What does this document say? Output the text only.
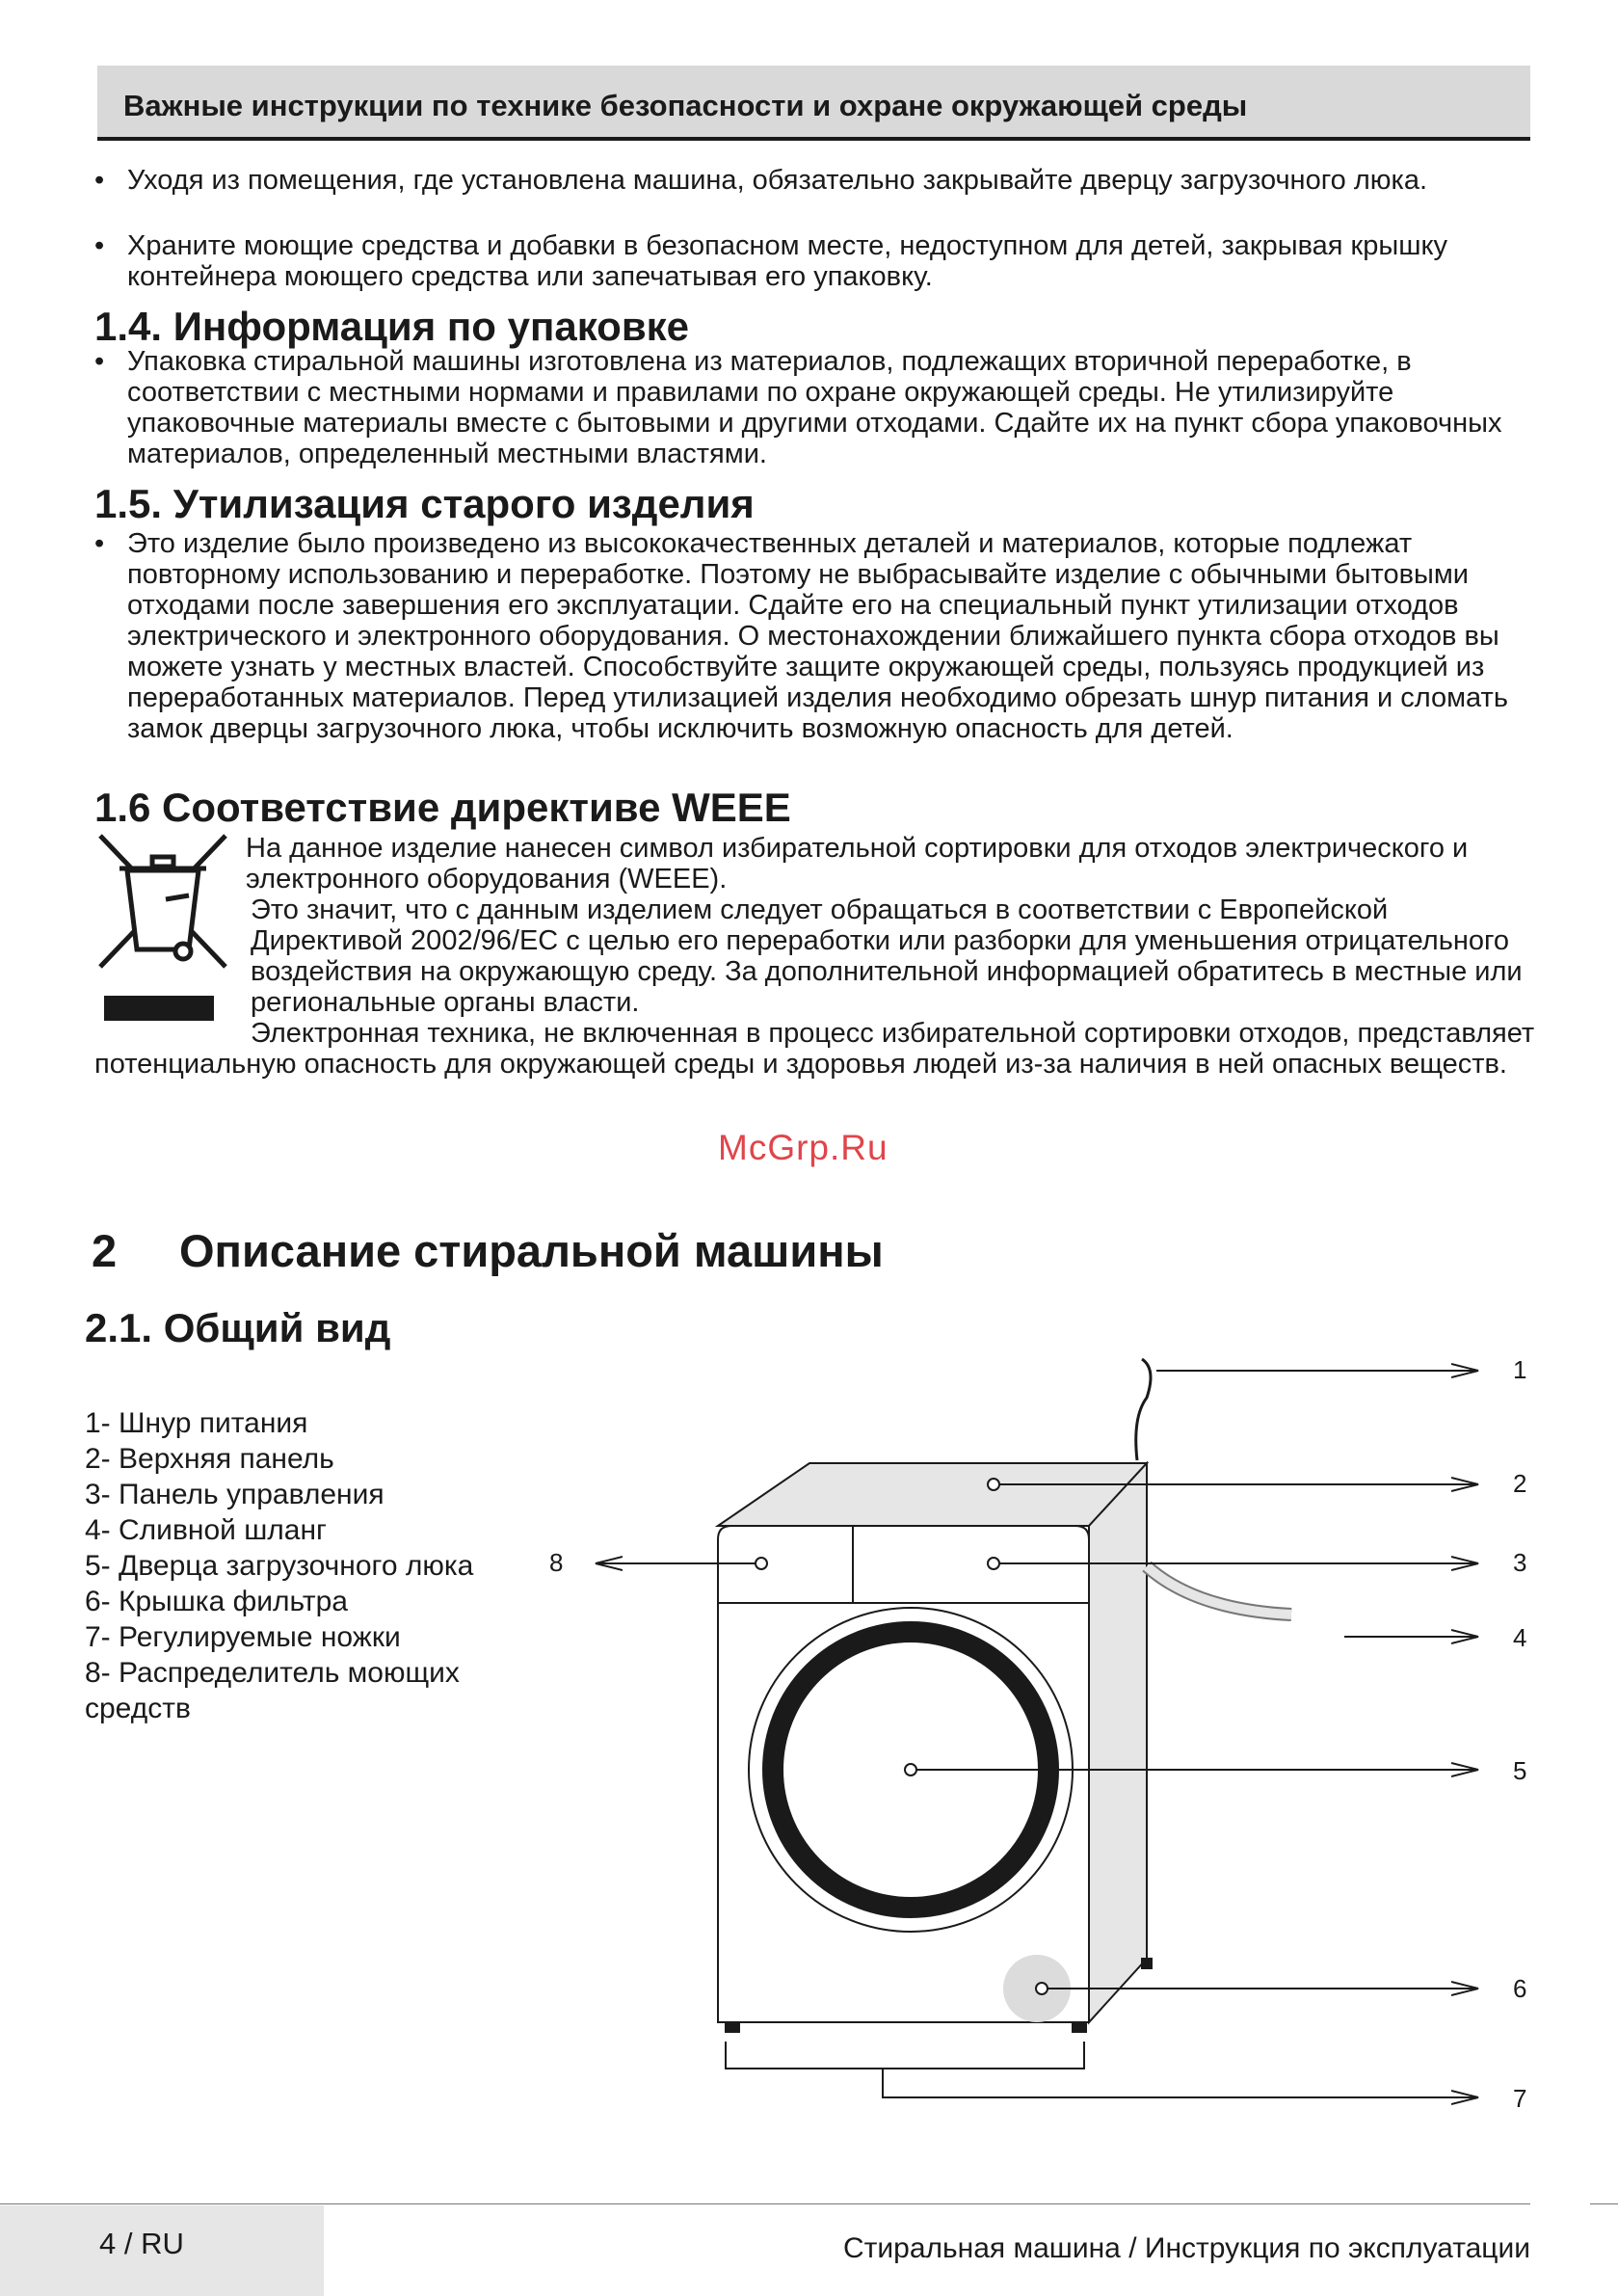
Важные инструкции по технике безопасности и охране окружающей среды
• Уходя из помещения, где установлена машина, обязательно закрывайте дверцу загрузочного люка.
• Храните моющие средства и добавки в безопасном месте, недоступном для детей, закрывая крышку контейнера моющего средства или запечатывая его упаковку.
1.4. Информация по упаковке
• Упаковка стиральной машины изготовлена из материалов, подлежащих вторичной переработке, в соответствии с местными нормами и правилами по охране окружающей среды. Не утилизируйте упаковочные материалы вместе с бытовыми и другими отходами. Сдайте их на пункт сбора упаковочных материалов, определенный местными властями.
1.5. Утилизация старого изделия
• Это изделие было произведено из высококачественных деталей и материалов, которые подлежат повторному использованию и переработке. Поэтому не выбрасывайте изделие с обычными бытовыми отходами после завершения его эксплуатации. Сдайте его на специальный пункт утилизации отходов электрического и электронного оборудования. О местонахождении ближайшего пункта сбора отходов вы можете узнать у местных властей. Способствуйте защите окружающей среды, пользуясь продукцией из переработанных материалов. Перед утилизацией изделия необходимо обрезать шнур питания и сломать замок дверцы загрузочного люка, чтобы исключить возможную опасность для детей.
1.6 Соответствие директиве WEEE
На данное изделие нанесен символ избирательной сортировки для отходов электрического и электронного оборудования (WEEE).
Это значит, что с данным изделием следует обращаться в соответствии с Европейской Директивой 2002/96/EC с целью его переработки или разборки для уменьшения отрицательного воздействия на окружающую среду. За дополнительной информацией обратитесь в местные или региональные органы власти.
Электронная техника, не включенная в процесс избирательной сортировки отходов, представляет потенциальную опасность для окружающей среды и здоровья людей из-за наличия в ней опасных веществ.
McGrp.Ru
2 Описание стиральной машины
2.1. Общий вид
1- Шнур питания
2- Верхняя панель
3- Панель управления
4- Сливной шланг
5- Дверца загрузочного люка
6- Крышка фильтра
7- Регулируемые ножки
8- Распределитель моющих
средств
1
2
3
4
5
6
7
8
4 / RU	Стиральная машина / Инструкция по эксплуатации
